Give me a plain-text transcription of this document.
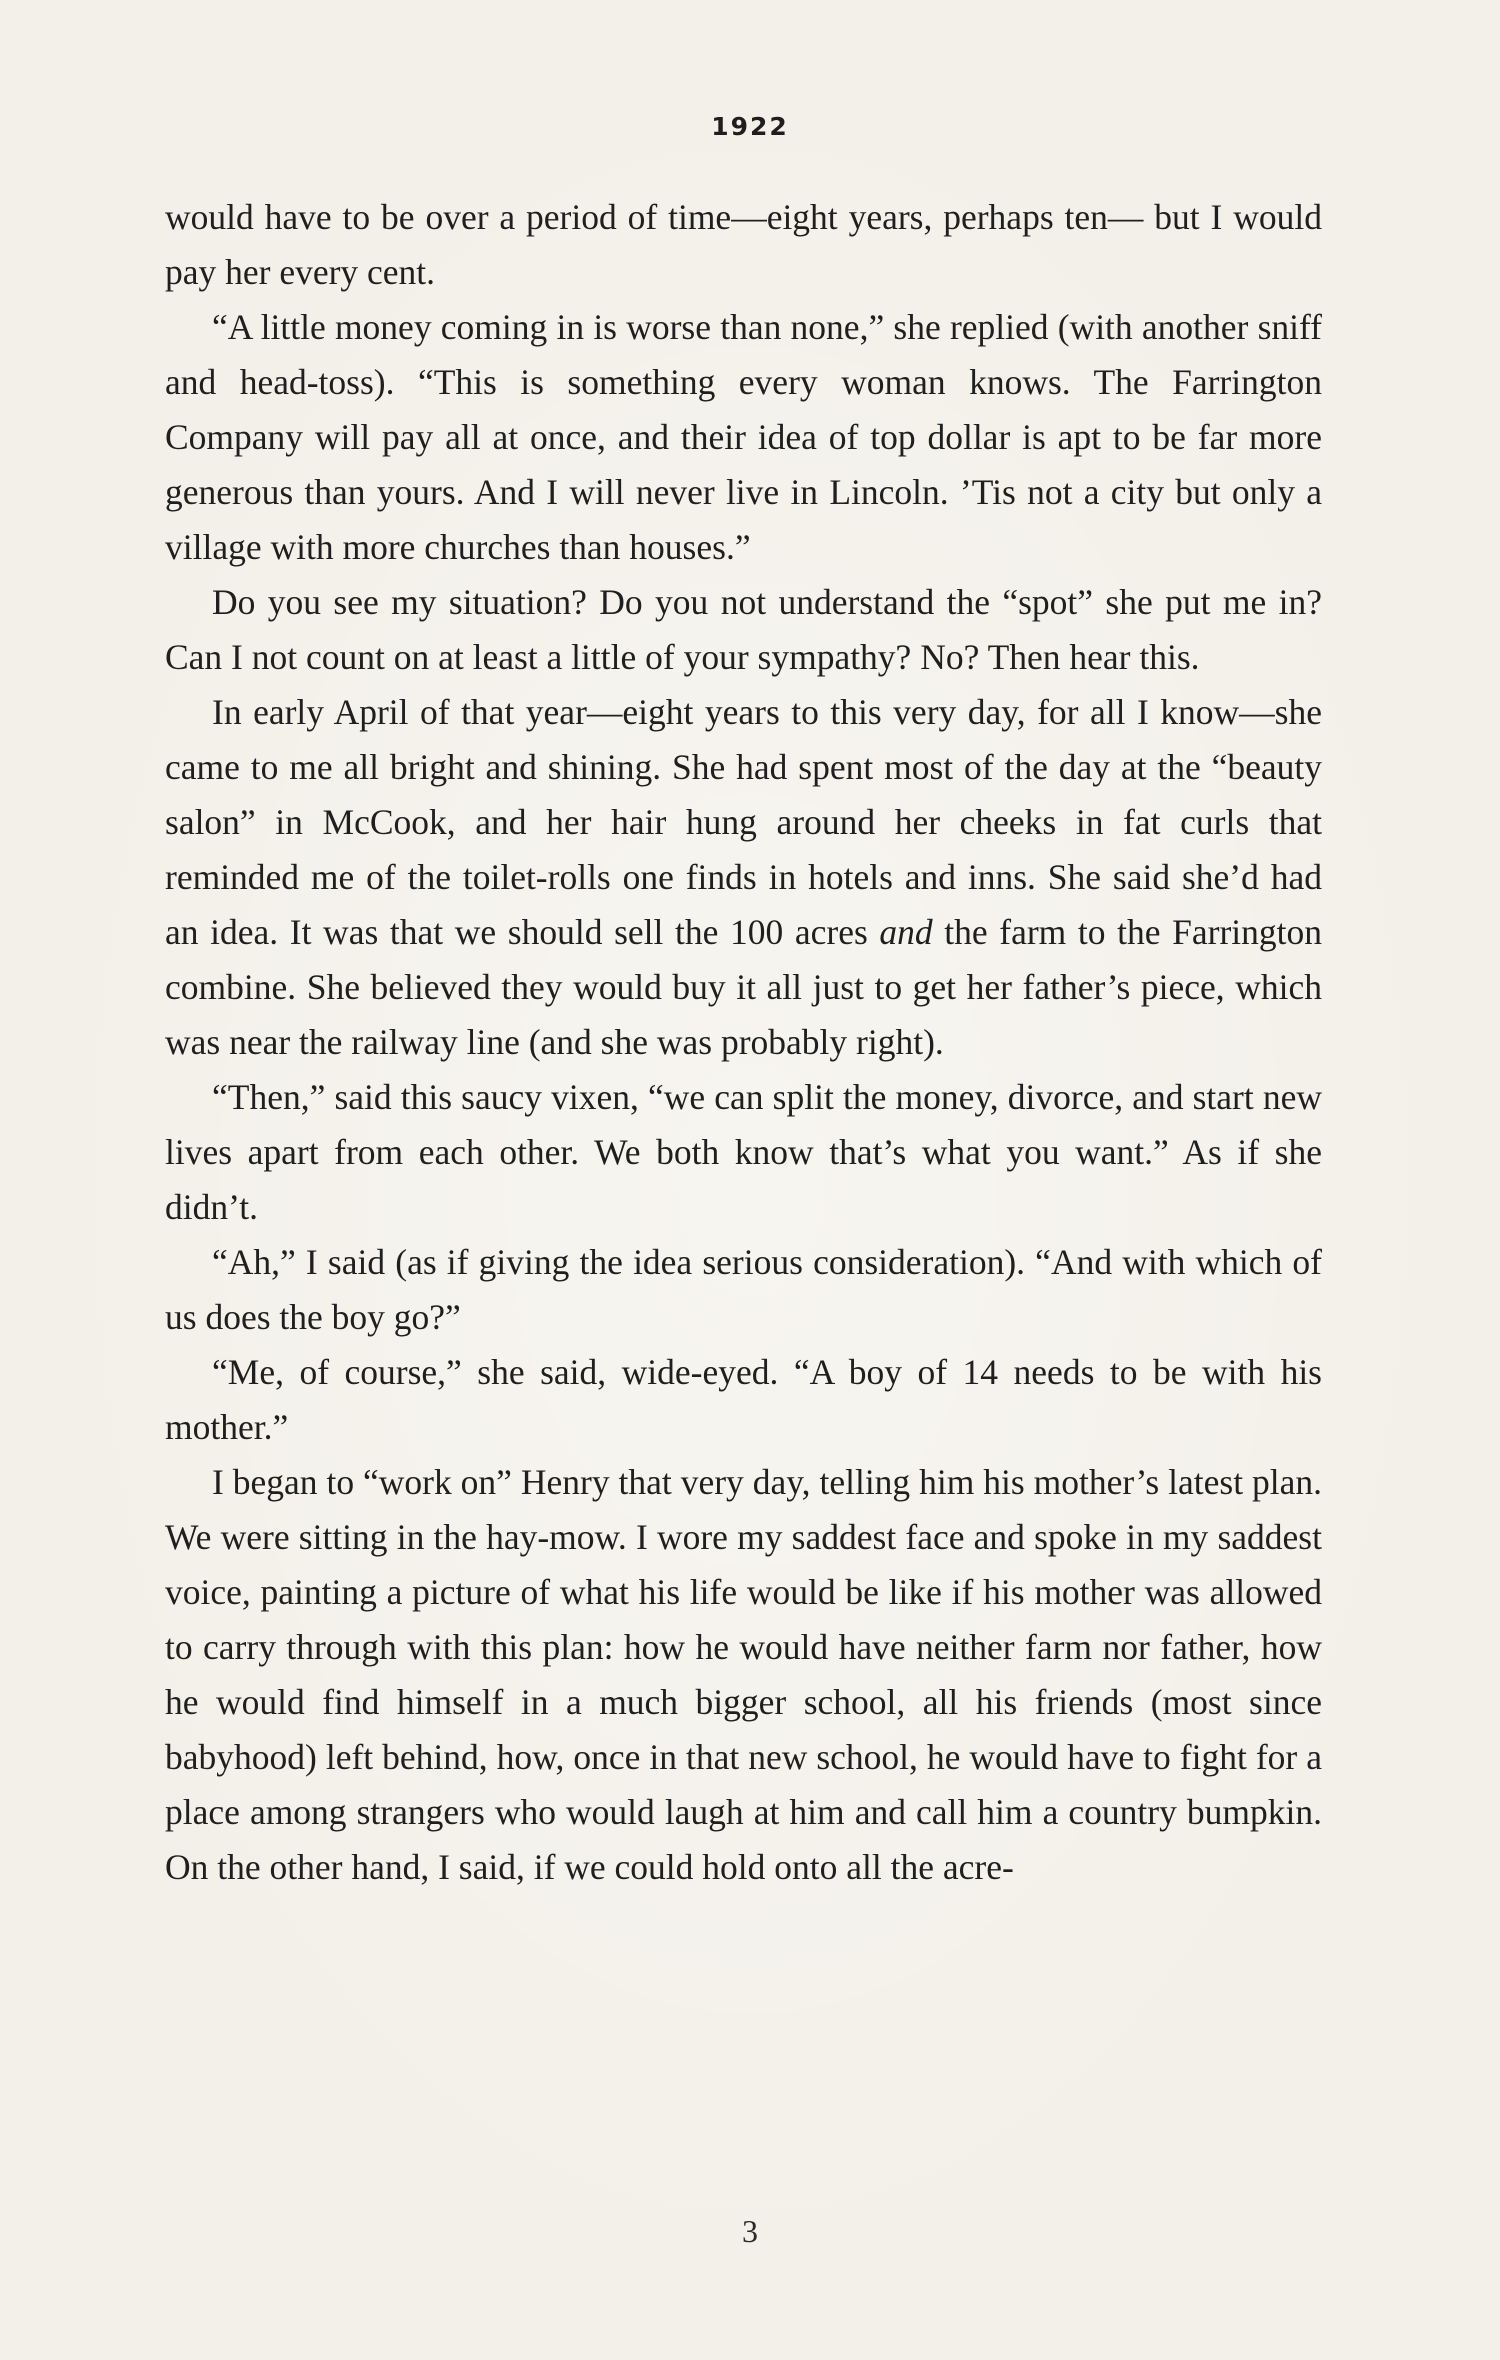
1922

would have to be over a period of time—eight years, perhaps ten— but I would pay her every cent.

“A little money coming in is worse than none,” she replied (with another sniff and head-toss). “This is something every woman knows. The Farrington Company will pay all at once, and their idea of top dollar is apt to be far more generous than yours. And I will never live in Lincoln. ’Tis not a city but only a village with more churches than houses.”

Do you see my situation? Do you not understand the “spot” she put me in? Can I not count on at least a little of your sympathy? No? Then hear this.

In early April of that year—eight years to this very day, for all I know—she came to me all bright and shining. She had spent most of the day at the “beauty salon” in McCook, and her hair hung around her cheeks in fat curls that reminded me of the toilet-rolls one finds in hotels and inns. She said she’d had an idea. It was that we should sell the 100 acres and the farm to the Farrington combine. She believed they would buy it all just to get her father’s piece, which was near the railway line (and she was probably right).

“Then,” said this saucy vixen, “we can split the money, divorce, and start new lives apart from each other. We both know that’s what you want.” As if she didn’t.

“Ah,” I said (as if giving the idea serious consideration). “And with which of us does the boy go?”

“Me, of course,” she said, wide-eyed. “A boy of 14 needs to be with his mother.”

I began to “work on” Henry that very day, telling him his mother’s latest plan. We were sitting in the hay-mow. I wore my saddest face and spoke in my saddest voice, painting a picture of what his life would be like if his mother was allowed to carry through with this plan: how he would have neither farm nor father, how he would find himself in a much bigger school, all his friends (most since babyhood) left behind, how, once in that new school, he would have to fight for a place among strangers who would laugh at him and call him a country bumpkin. On the other hand, I said, if we could hold onto all the acre-

3
